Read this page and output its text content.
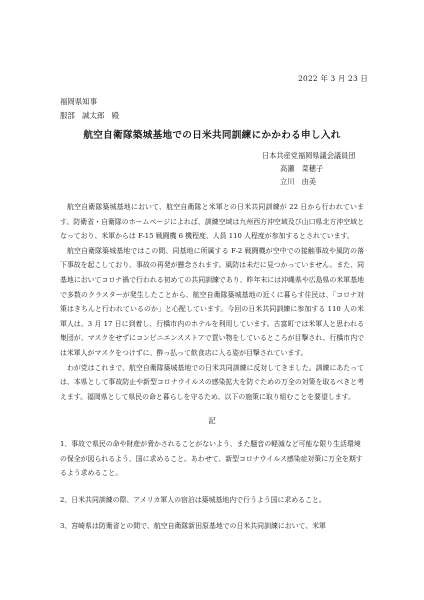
2022 年 3 月 23 日
福岡県知事
服部　誠太郎　殿
航空自衛隊築城基地での日米共同訓練にかかわる申し入れ
日本共産党福岡県議会議員団
高瀬　菜穂子
立川　由美

航空自衛隊築城基地において、航空自衛隊と米軍との日米共同訓練が 22 日から行われています。防衛省・自衛隊のホームページによれば、訓練空域は九州西方沖空域及び山口県北方沖空域となっており、米軍からは F-15 戦闘機 6 機程度、人員 110 人程度が参加するとされています。

航空自衛隊築城基地ではこの間、同基地に所属する F-2 戦闘機が空中での接触事故や風防の落下事故を起こしており、事故の再発が懸念されます。風防は未だに見つかっていません。また、同基地においてコロナ禍で行われる初めての共同訓練であり、昨年末には沖縄県や広島県の米軍基地で多数のクラスターが発生したことから、航空自衛隊築城基地の近くに暮らす住民は、「コロナ対策はきちんと行われているのか」と心配しています。今回の日米共同訓練に参加する 110 人の米軍人は、3 月 17 日に到着し、行橋市内のホテルを利用しています。古富町では米軍人と思われる集団が、マスクをせずにコンビニエンスストアで買い物をしているところが目撃され、行橋市内では米軍人がマスクをつけずに、酔っ払って飲食店に入る姿が目撃されています。

わが党はこれまで、航空自衛隊築城基地での日米共同訓練に反対してきました。訓練にあたっては、本県として事故防止や新型コロナウイルスの感染拡大を防ぐための万全の対策を取るべきと考えます。福岡県として県民の命と暮らしを守るため、以下の施策に取り組むことを要望します。

記

1、事故で県民の命や財産が脅かされることがないよう、また騒音の軽減など可能な限り生活環境の保全が図られるよう、国に求めること。あわせて、新型コロナウイルス感染症対策に万全を期するよう求めること。

2、日米共同訓練の際、アメリカ軍人の宿泊は築城基地内で行うよう国に求めること。

3、宮崎県は防衛省との間で、航空自衛隊新田原基地での日米共同訓練において、米軍
